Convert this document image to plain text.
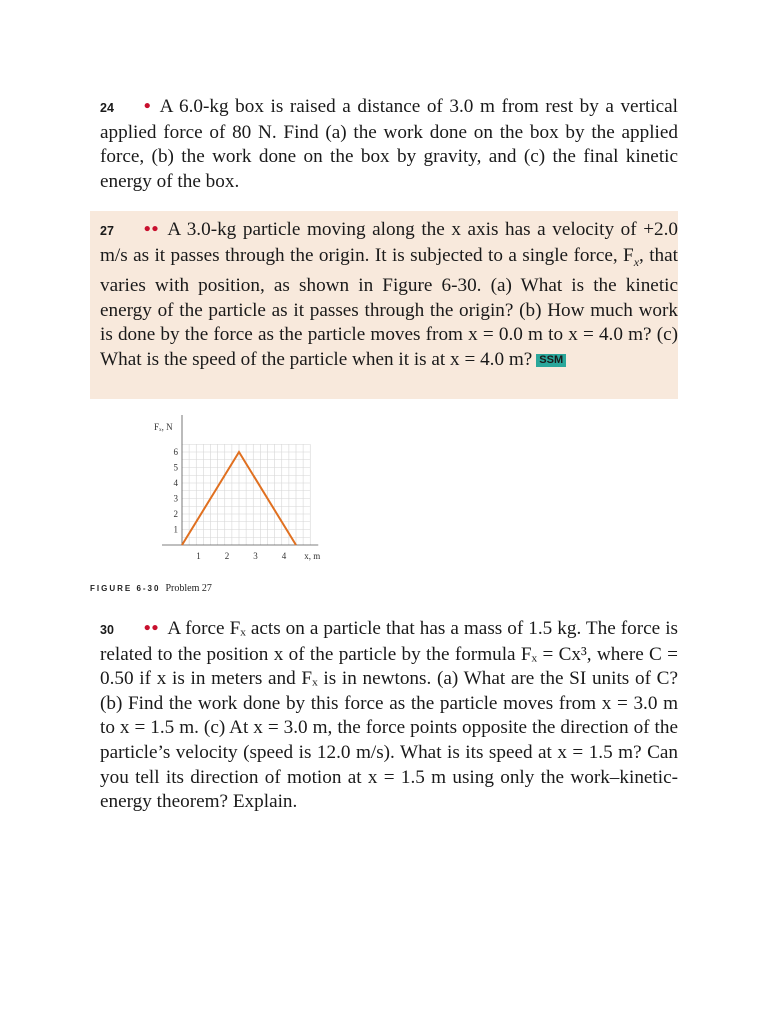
24 • A 6.0-kg box is raised a distance of 3.0 m from rest by a vertical applied force of 80 N. Find (a) the work done on the box by the applied force, (b) the work done on the box by gravity, and (c) the final kinetic energy of the box.
27 •• A 3.0-kg particle moving along the x axis has a velocity of +2.0 m/s as it passes through the origin. It is subjected to a single force, $F_x$, that varies with position, as shown in Figure 6-30. (a) What is the kinetic energy of the particle as it passes through the origin? (b) How much work is done by the force as the particle moves from x = 0.0 m to x = 4.0 m? (c) What is the speed of the particle when it is at x = 4.0 m? SSM
1
2
3
4
5
6
1	2	3	4
Fₓ, N
x, m
FIGURE 6-30 Problem 27
30 •• A force Fₓ acts on a particle that has a mass of 1.5 kg. The force is related to the position x of the particle by the formula Fₓ = Cx³, where C = 0.50 if x is in meters and Fₓ is in newtons. (a) What are the SI units of C? (b) Find the work done by this force as the particle moves from x = 3.0 m to x = 1.5 m. (c) At x = 3.0 m, the force points opposite the direction of the particle’s velocity (speed is 12.0 m/s). What is its speed at x = 1.5 m? Can you tell its direction of motion at x = 1.5 m using only the work–kinetic-energy theorem? Explain.
